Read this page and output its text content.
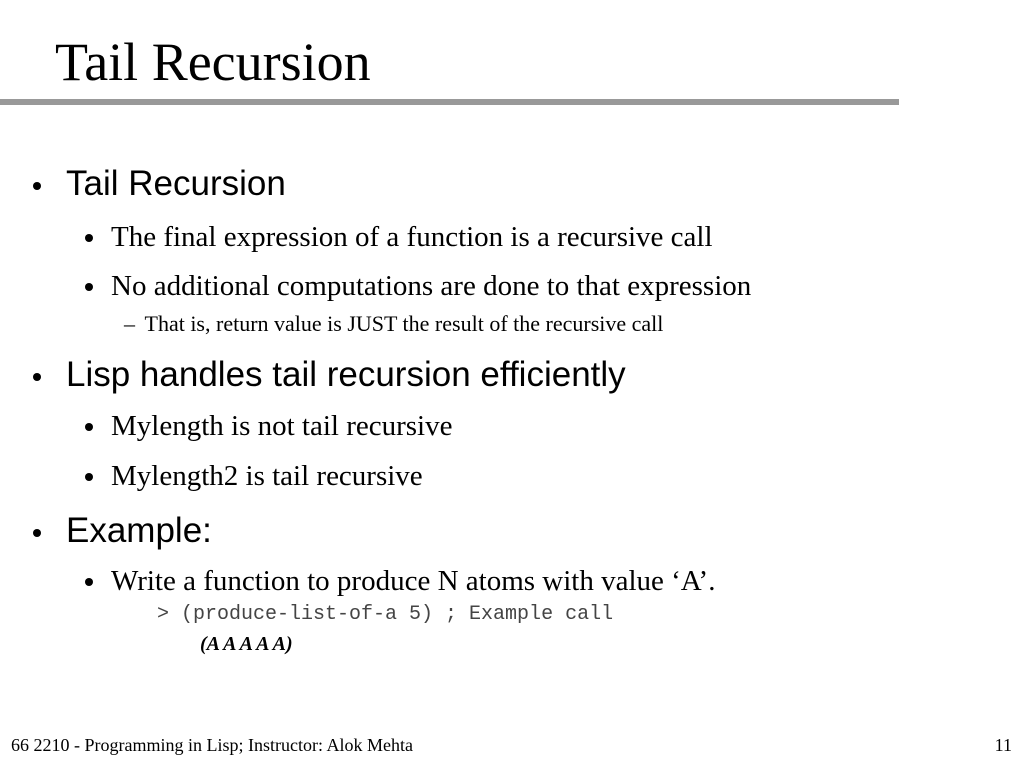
Tail Recursion
Tail Recursion
The final expression of a function is a recursive call
No additional computations are done to that expression
– That is, return value is JUST the result of the recursive call
Lisp handles tail recursion efficiently
Mylength is not tail recursive
Mylength2 is tail recursive
Example:
Write a function to produce N atoms with value ‘A’.
> (produce-list-of-a 5) ; Example call
(A A A A A)
66 2210 - Programming in Lisp; Instructor: Alok Mehta	11
